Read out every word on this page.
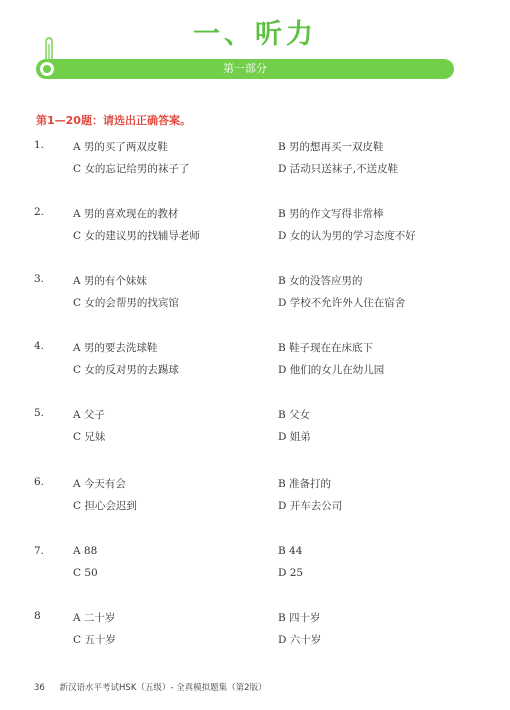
一、听力
第一部分
第1—20题：请选出正确答案。
1.	A 男的买了两双皮鞋	B 男的想再买一双皮鞋
C 女的忘记给男的袜子了	D 活动只送袜子,不送皮鞋
2.	A 男的喜欢现在的教材	B 男的作文写得非常棒
C 女的建议男的找辅导老师	D 女的认为男的学习态度不好
3.	A 男的有个妹妹	B 女的没答应男的
C 女的会帮男的找宾馆	D 学校不允许外人住在宿舍
4.	A 男的要去洗球鞋	B 鞋子现在在床底下
C 女的反对男的去踢球	D 他们的女儿在幼儿园
5.	A 父子	B 父女
C 兄妹	D 姐弟
6.	A 今天有会	B 准备打的
C 担心会迟到	D 开车去公司
7.	A 88	B 44
C 50	D 25
8	A 二十岁	B 四十岁
C 五十岁	D 六十岁
36 新汉语水平考试HSK（五级）- 全真模拟题集（第2版）
